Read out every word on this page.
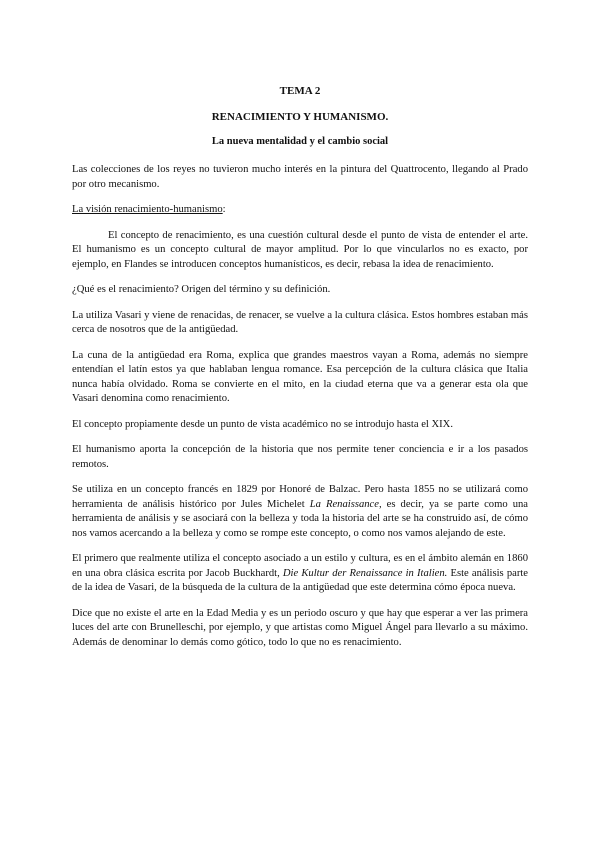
TEMA 2

RENACIMIENTO Y HUMANISMO.

La nueva mentalidad y el cambio social

Las colecciones de los reyes no tuvieron mucho interés en la pintura del Quattrocento, llegando al Prado por otro mecanismo.

La visión renacimiento-humanismo:

El concepto de renacimiento, es una cuestión cultural desde el punto de vista de entender el arte. El humanismo es un concepto cultural de mayor amplitud. Por lo que vincularlos no es exacto, por ejemplo, en Flandes se introducen conceptos humanísticos, es decir, rebasa la idea de renacimiento.

¿Qué es el renacimiento? Origen del término y su definición.

La utiliza Vasari y viene de renacidas, de renacer, se vuelve a la cultura clásica. Estos hombres estaban más cerca de nosotros que de la antigüedad.

La cuna de la antigüedad era Roma, explica que grandes maestros vayan a Roma, además no siempre entendían el latín estos ya que hablaban lengua romance. Esa percepción de la cultura clásica que Italia nunca había olvidado. Roma se convierte en el mito, en la ciudad eterna que va a generar esta ola que Vasari denomina como renacimiento.

El concepto propiamente desde un punto de vista académico no se introdujo hasta el XIX.

El humanismo aporta la concepción de la historia que nos permite tener conciencia e ir a los pasados remotos.

Se utiliza en un concepto francés en 1829 por Honoré de Balzac. Pero hasta 1855 no se utilizará como herramienta de análisis histórico por Jules Michelet La Renaissance, es decir, ya se parte como una herramienta de análisis y se asociará con la belleza y toda la historia del arte se ha construido así, de cómo nos vamos acercando a la belleza y como se rompe este concepto, o como nos vamos alejando de este.

El primero que realmente utiliza el concepto asociado a un estilo y cultura, es en el ámbito alemán en 1860 en una obra clásica escrita por Jacob Buckhardt, Die Kultur der Renaissance in Italien. Este análisis parte de la idea de Vasari, de la búsqueda de la cultura de la antigüedad que este determina cómo época nueva.

Dice que no existe el arte en la Edad Media y es un periodo oscuro y que hay que esperar a ver las primera luces del arte con Brunelleschi, por ejemplo, y que artistas como Miguel Ángel para llevarlo a su máximo. Además de denominar lo demás como gótico, todo lo que no es renacimiento.
